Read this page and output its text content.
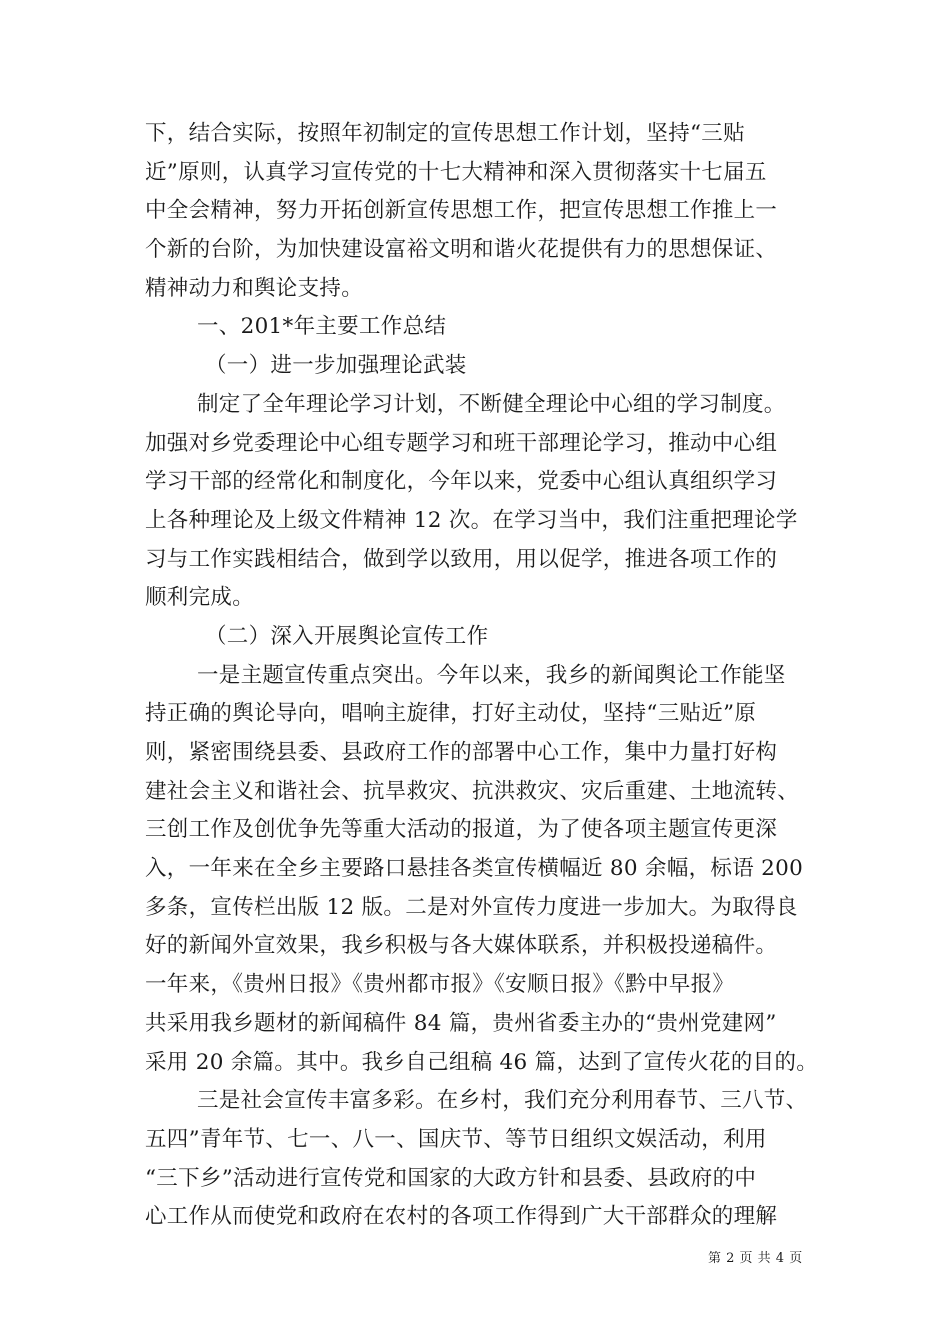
下，结合实际，按照年初制定的宣传思想工作计划，坚持“三贴
近”原则，认真学习宣传党的十七大精神和深入贯彻落实十七届五
中全会精神，努力开拓创新宣传思想工作，把宣传思想工作推上一
个新的台阶，为加快建设富裕文明和谐火花提供有力的思想保证、
精神动力和舆论支持。
一、201*年主要工作总结
（一）进一步加强理论武装
制定了全年理论学习计划，不断健全理论中心组的学习制度。
加强对乡党委理论中心组专题学习和班干部理论学习，推动中心组
学习干部的经常化和制度化，今年以来，党委中心组认真组织学习
上各种理论及上级文件精神 12 次。在学习当中，我们注重把理论学
习与工作实践相结合，做到学以致用，用以促学，推进各项工作的
顺利完成。
（二）深入开展舆论宣传工作
一是主题宣传重点突出。今年以来，我乡的新闻舆论工作能坚
持正确的舆论导向，唱响主旋律，打好主动仗，坚持“三贴近”原
则，紧密围绕县委、县政府工作的部署中心工作，集中力量打好构
建社会主义和谐社会、抗旱救灾、抗洪救灾、灾后重建、土地流转、
三创工作及创优争先等重大活动的报道，为了使各项主题宣传更深
入，一年来在全乡主要路口悬挂各类宣传横幅近 80 余幅，标语 200
多条，宣传栏出版 12 版。二是对外宣传力度进一步加大。为取得良
好的新闻外宣效果，我乡积极与各大媒体联系，并积极投递稿件。
一年来，《贵州日报》《贵州都市报》《安顺日报》《黔中早报》
共采用我乡题材的新闻稿件 84 篇，贵州省委主办的“贵州党建网”
采用 20 余篇。其中。我乡自己组稿 46 篇，达到了宣传火花的目的。
三是社会宣传丰富多彩。在乡村，我们充分利用春节、三八节、
五四”青年节、七一、八一、国庆节、等节日组织文娱活动，利用
“三下乡”活动进行宣传党和国家的大政方针和县委、县政府的中
心工作从而使党和政府在农村的各项工作得到广大干部群众的理解
第 2 页 共 4 页
